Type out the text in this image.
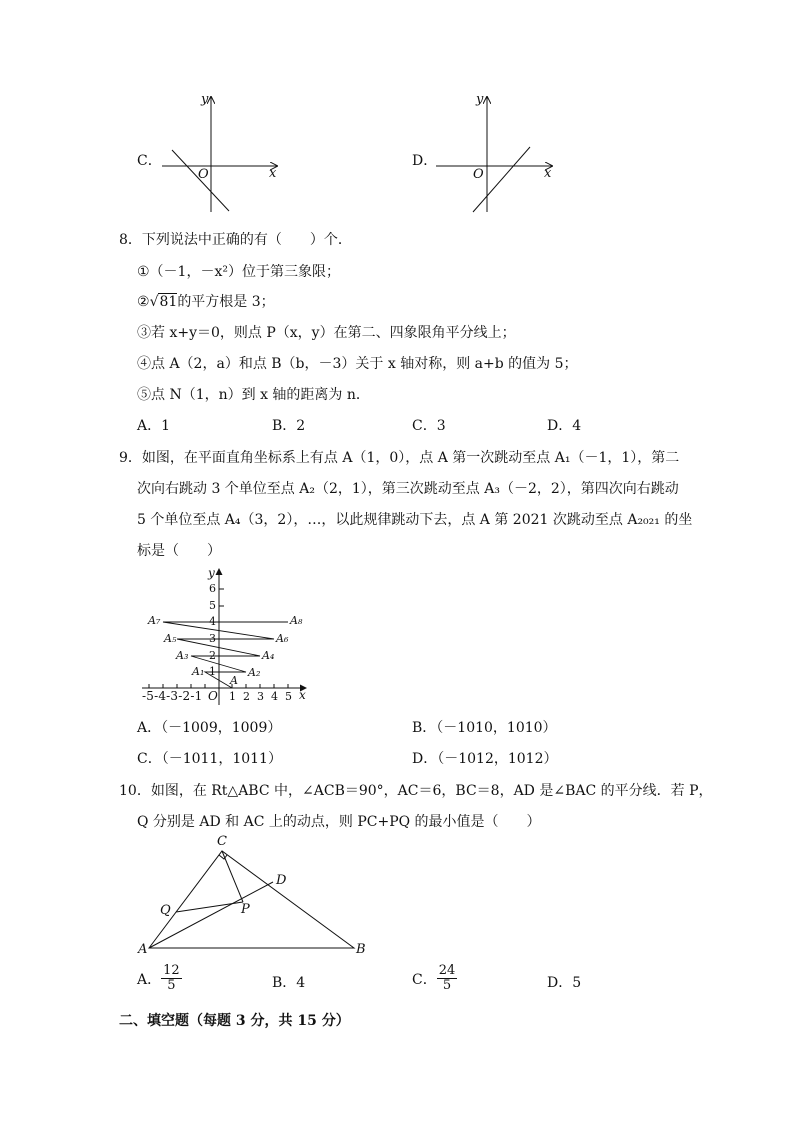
C．
y
x
O
D．
y
x
O
8．下列说法中正确的有（　　）个．
①（－1，－x²）位于第三象限；
②√81的平方根是 3；
③若 x+y＝0，则点 P（x，y）在第二、四象限角平分线上；
④点 A（2，a）和点 B（b，－3）关于 x 轴对称，则 a+b 的值为 5；
⑤点 N（1，n）到 x 轴的距离为 n．
A．1	B．2	C．3	D．4
9．如图，在平面直角坐标系上有点 A（1，0），点 A 第一次跳动至点 A₁（－1，1），第二
次向右跳动 3 个单位至点 A₂（2，1），第三次跳动至点 A₃（－2，2），第四次向右跳动
5 个单位至点 A₄（3，2），…，以此规律跳动下去，点 A 第 2021 次跳动至点 A₂₀₂₁ 的坐
标是（　　）
y
6
5
4
3
2
1
-5-4-3-2-1 O 1 2 3 4 5 x
A
A₁	A₂
A₃	A₄
A₅	A₆
A₇	A₈
A．（－1009，1009）	B．（－1010，1010）
C．（－1011，1011）	D．（－1012，1012）
10．如图，在 Rt△ABC 中，∠ACB＝90°，AC＝6，BC＝8，AD 是∠BAC 的平分线．若 P，
Q 分别是 AD 和 AC 上的动点，则 PC+PQ 的最小值是（　　）
C
D
P
Q
A	B
A． $\frac{12}{5}$	B．4	C． $\frac{24}{5}$	D．5
二、填空题（每题 3 分，共 15 分）
